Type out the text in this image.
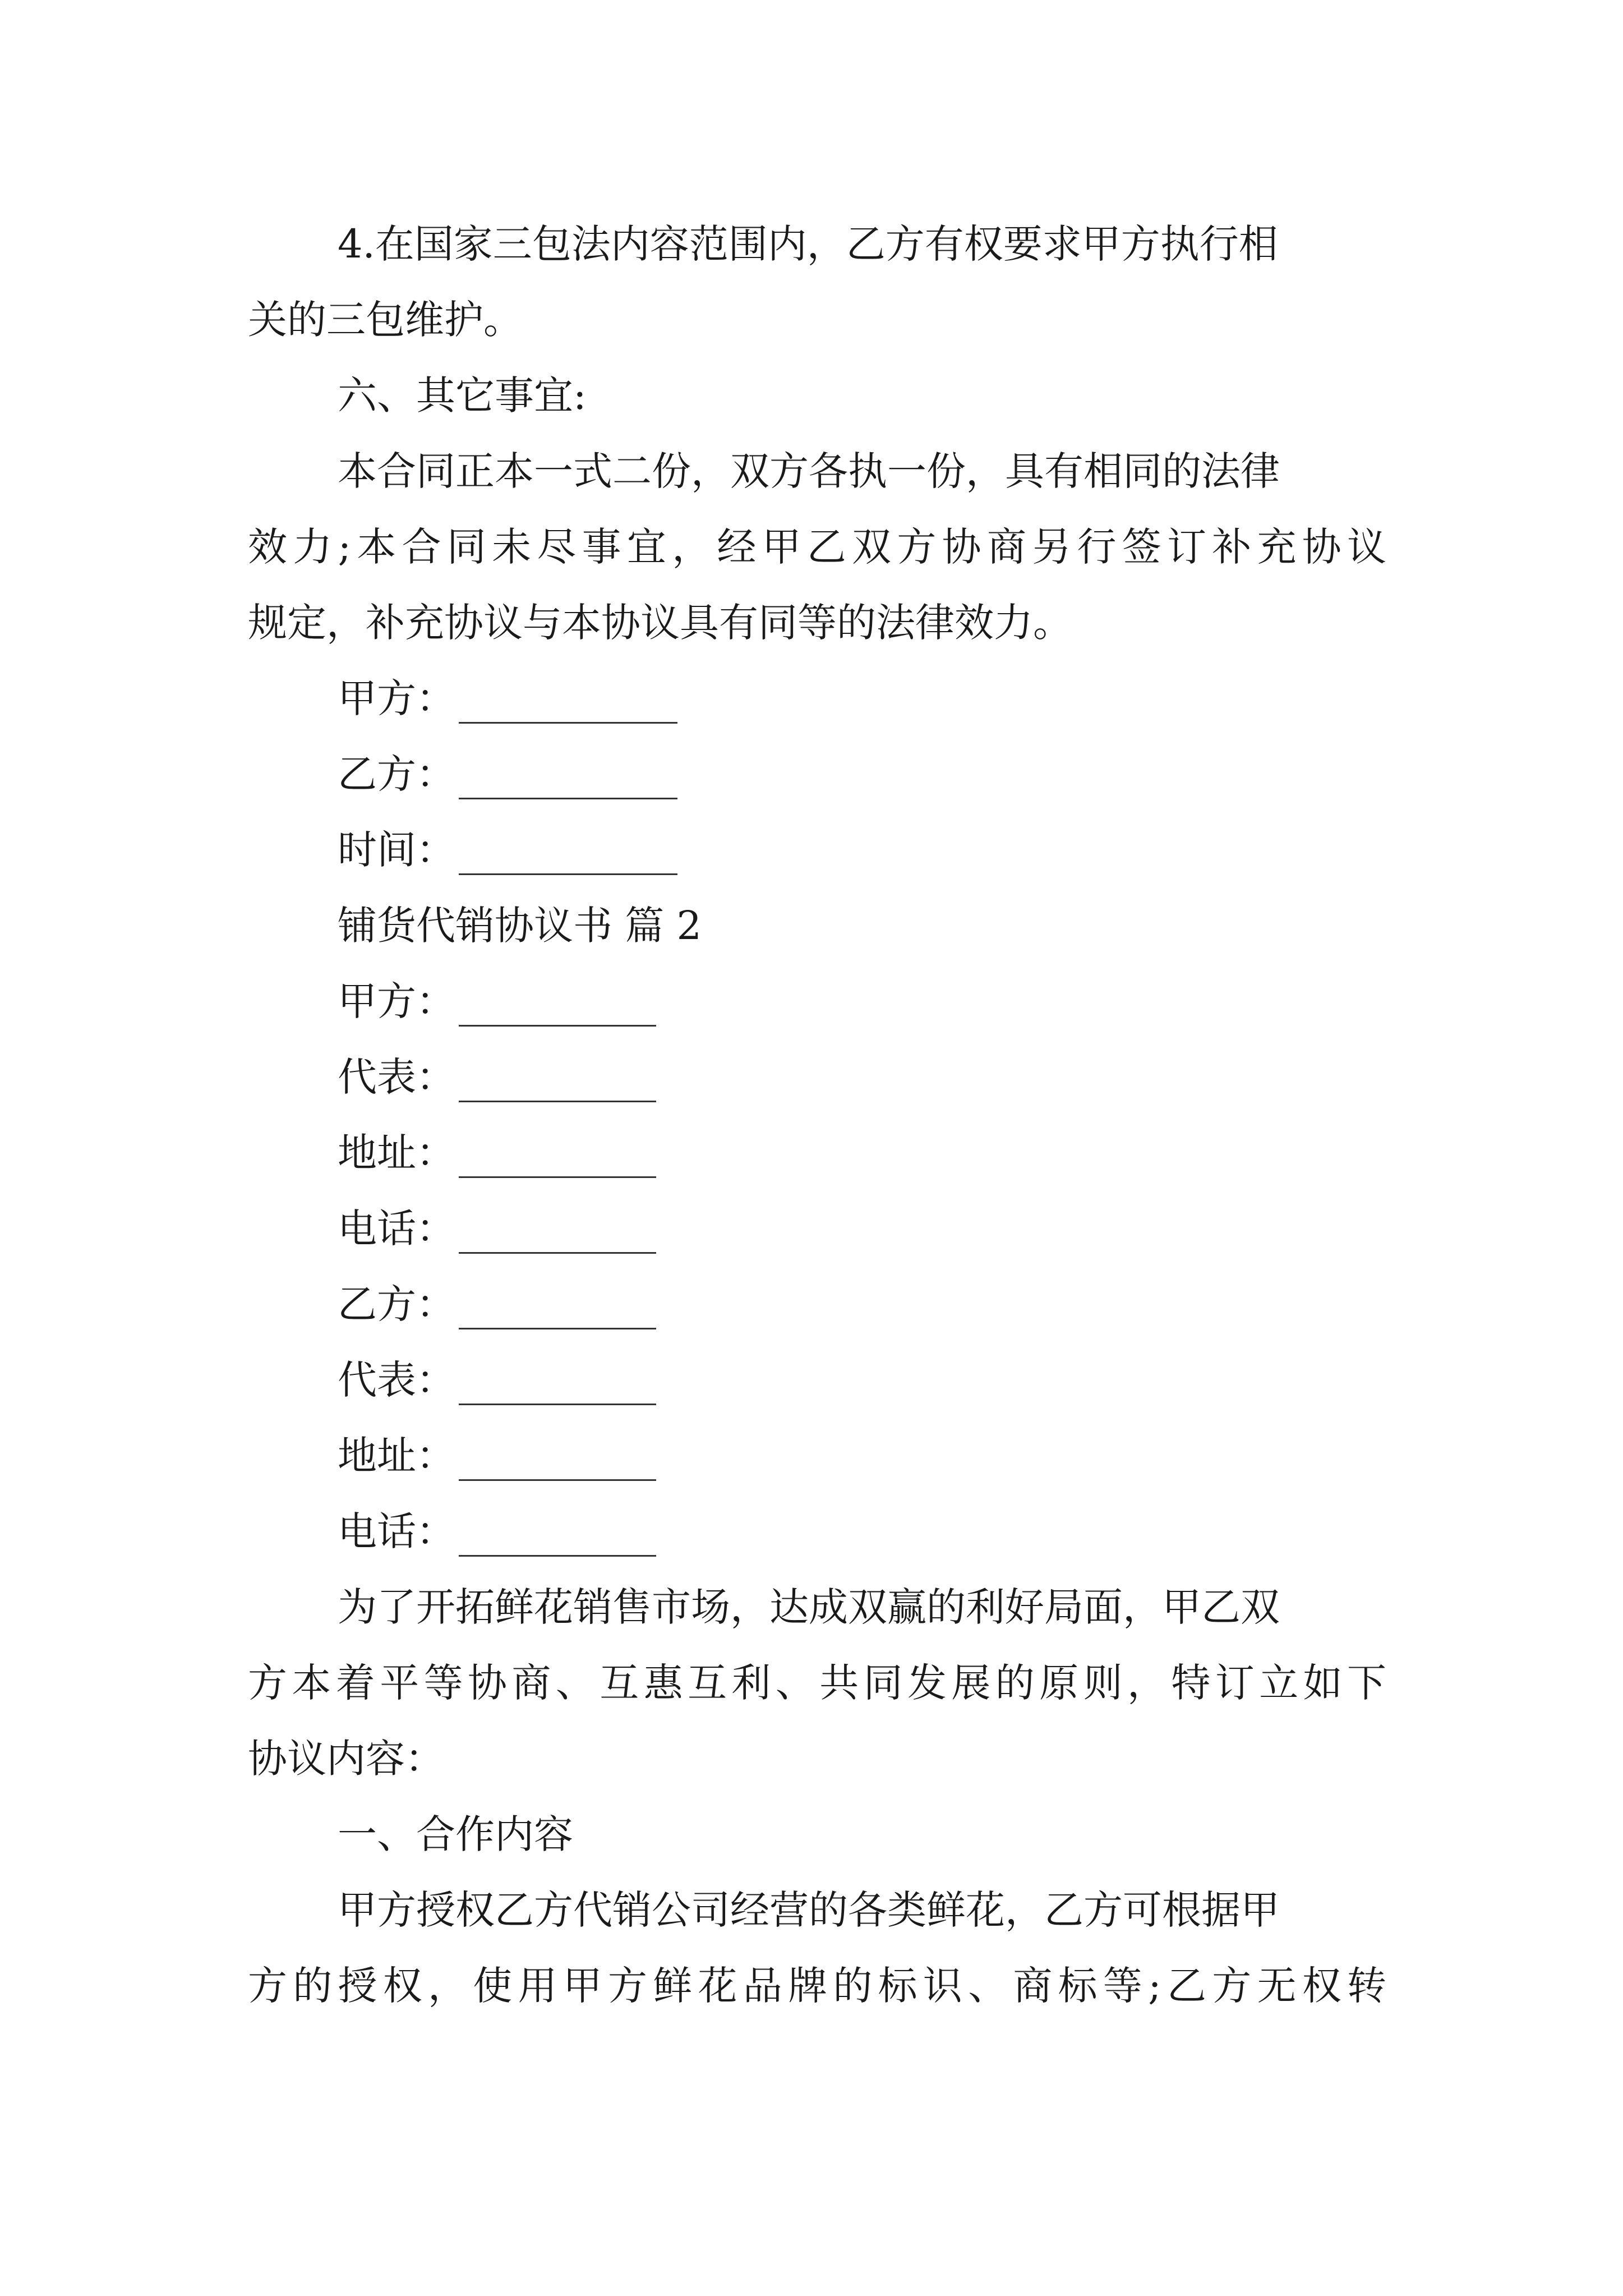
4.在国家三包法内容范围内，乙方有权要求甲方执行相
关的三包维护。
六、其它事宜:
本合同正本一式二份，双方各执一份，具有相同的法律
效力;本合同未尽事宜，经甲乙双方协商另行签订补充协议
规定，补充协议与本协议具有同等的法律效力。
甲方：
乙方：
时间：
铺货代销协议书 篇 2
甲方：
代表：
地址：
电话：
乙方：
代表：
地址：
电话：
为了开拓鲜花销售市场，达成双赢的利好局面，甲乙双
方本着平等协商、互惠互利、共同发展的原则，特订立如下
协议内容：
一、合作内容
甲方授权乙方代销公司经营的各类鲜花，乙方可根据甲
方的授权，使用甲方鲜花品牌的标识、商标等;乙方无权转
